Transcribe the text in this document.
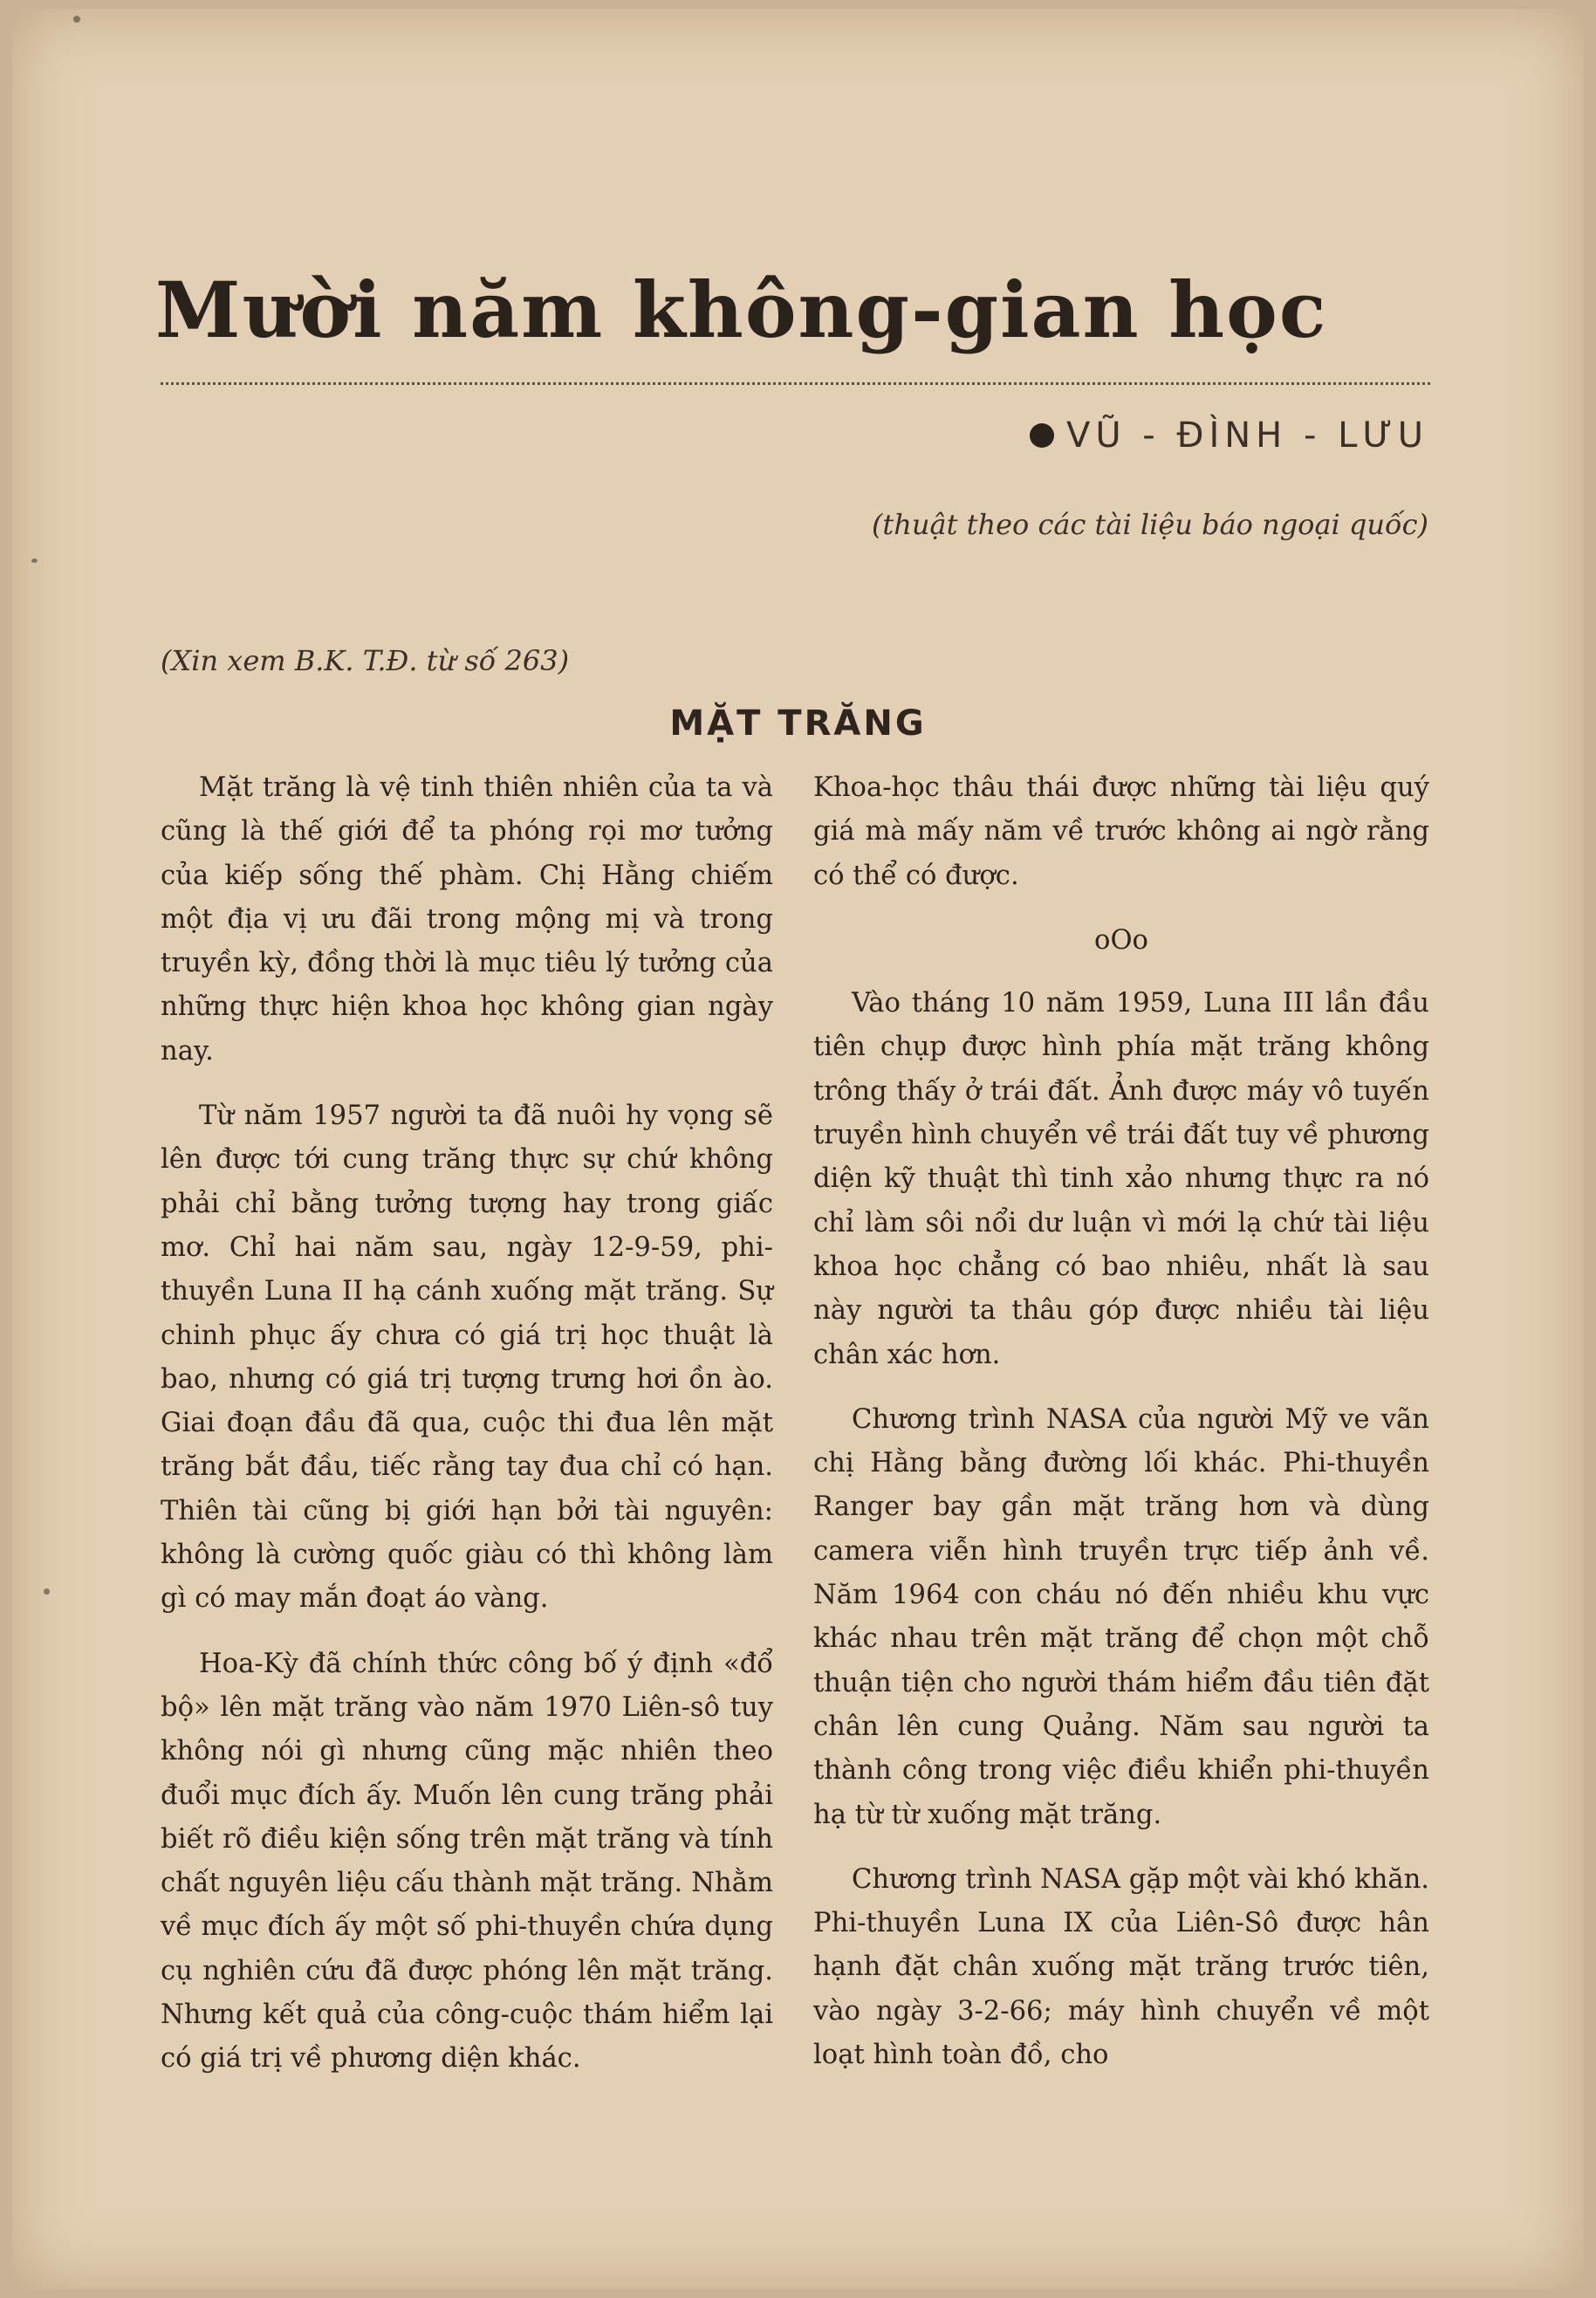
Mười năm không-gian học
VŨ - ĐÌNH - LƯU
(thuật theo các tài liệu báo ngoại quốc)
(Xin xem B.K. T.Đ. từ số 263)
MẶT TRĂNG

Mặt trăng là vệ tinh thiên nhiên của ta và cũng là thế giới để ta phóng rọi mơ tưởng của kiếp sống thế phàm. Chị Hằng chiếm một địa vị ưu đãi trong mộng mị và trong truyền kỳ, đồng thời là mục tiêu lý tưởng của những thực hiện khoa học không gian ngày nay.

Từ năm 1957 người ta đã nuôi hy vọng sẽ lên được tới cung trăng thực sự chứ không phải chỉ bằng tưởng tượng hay trong giấc mơ. Chỉ hai năm sau, ngày 12-9-59, phi-thuyền Luna II hạ cánh xuống mặt trăng. Sự chinh phục ấy chưa có giá trị học thuật là bao, nhưng có giá trị tượng trưng hơi ồn ào. Giai đoạn đầu đã qua, cuộc thi đua lên mặt trăng bắt đầu, tiếc rằng tay đua chỉ có hạn. Thiên tài cũng bị giới hạn bởi tài nguyên: không là cường quốc giàu có thì không làm gì có may mắn đoạt áo vàng.

Hoa-Kỳ đã chính thức công bố ý định «đổ bộ» lên mặt trăng vào năm 1970 Liên-sô tuy không nói gì nhưng cũng mặc nhiên theo đuổi mục đích ấy. Muốn lên cung trăng phải biết rõ điều kiện sống trên mặt trăng và tính chất nguyên liệu cấu thành mặt trăng. Nhằm về mục đích ấy một số phi-thuyền chứa dụng cụ nghiên cứu đã được phóng lên mặt trăng. Nhưng kết quả của công-cuộc thám hiểm lại có giá trị về phương diện khác.

Khoa-học thâu thái được những tài liệu quý giá mà mấy năm về trước không ai ngờ rằng có thể có được.

oOo

Vào tháng 10 năm 1959, Luna III lần đầu tiên chụp được hình phía mặt trăng không trông thấy ở trái đất. Ảnh được máy vô tuyến truyền hình chuyển về trái đất tuy về phương diện kỹ thuật thì tinh xảo nhưng thực ra nó chỉ làm sôi nổi dư luận vì mới lạ chứ tài liệu khoa học chẳng có bao nhiêu, nhất là sau này người ta thâu góp được nhiều tài liệu chân xác hơn.

Chương trình NASA của người Mỹ ve vãn chị Hằng bằng đường lối khác. Phi-thuyền Ranger bay gần mặt trăng hơn và dùng camera viễn hình truyền trực tiếp ảnh về. Năm 1964 con cháu nó đến nhiều khu vực khác nhau trên mặt trăng để chọn một chỗ thuận tiện cho người thám hiểm đầu tiên đặt chân lên cung Quảng. Năm sau người ta thành công trong việc điều khiển phi-thuyền hạ từ từ xuống mặt trăng.

Chương trình NASA gặp một vài khó khăn. Phi-thuyền Luna IX của Liên-Sô được hân hạnh đặt chân xuống mặt trăng trước tiên, vào ngày 3-2-66; máy hình chuyển về một loạt hình toàn đồ, cho
